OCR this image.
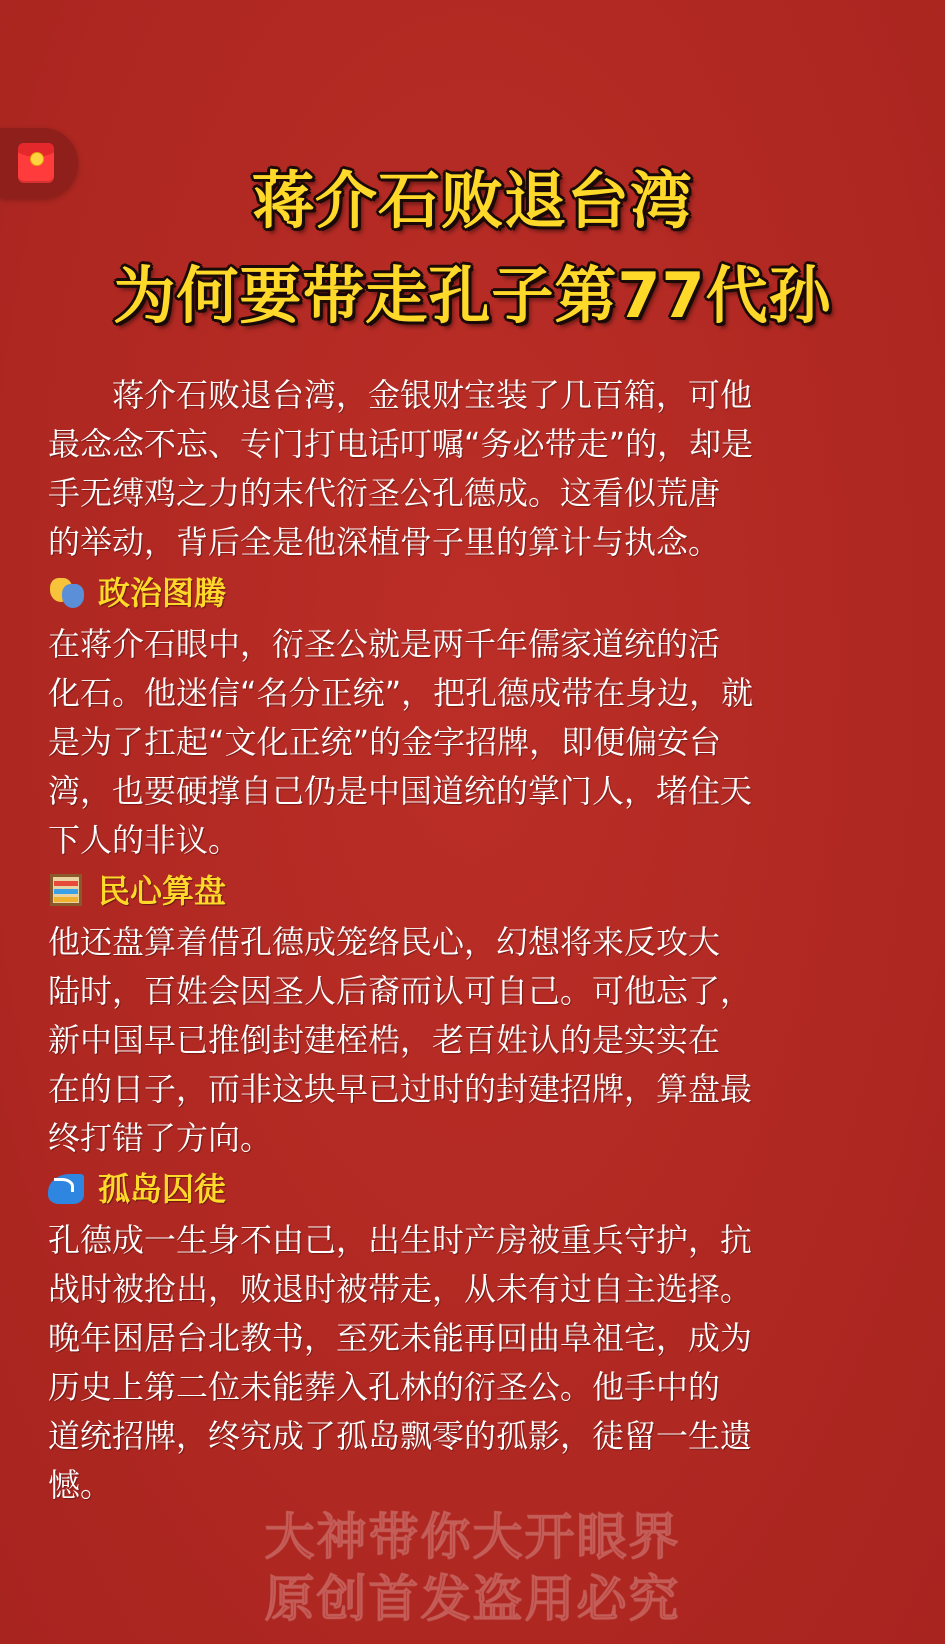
蒋介石败退台湾
为何要带走孔子第77代孙
　　蒋介石败退台湾，金银财宝装了几百箱，可他
最念念不忘、专门打电话叮嘱“务必带走”的，却是
手无缚鸡之力的末代衍圣公孔德成。这看似荒唐
的举动，背后全是他深植骨子里的算计与执念。
政治图腾
在蒋介石眼中，衍圣公就是两千年儒家道统的活
化石。他迷信“名分正统”，把孔德成带在身边，就
是为了扛起“文化正统”的金字招牌，即便偏安台
湾，也要硬撑自己仍是中国道统的掌门人，堵住天
下人的非议。
民心算盘
他还盘算着借孔德成笼络民心，幻想将来反攻大
陆时，百姓会因圣人后裔而认可自己。可他忘了，
新中国早已推倒封建桎梏，老百姓认的是实实在
在的日子，而非这块早已过时的封建招牌，算盘最
终打错了方向。
孤岛囚徒
孔德成一生身不由己，出生时产房被重兵守护，抗
战时被抢出，败退时被带走，从未有过自主选择。
晚年困居台北教书，至死未能再回曲阜祖宅，成为
历史上第二位未能葬入孔林的衍圣公。他手中的
道统招牌，终究成了孤岛飘零的孤影，徒留一生遗
憾。
大神带你大开眼界
原创首发盗用必究
